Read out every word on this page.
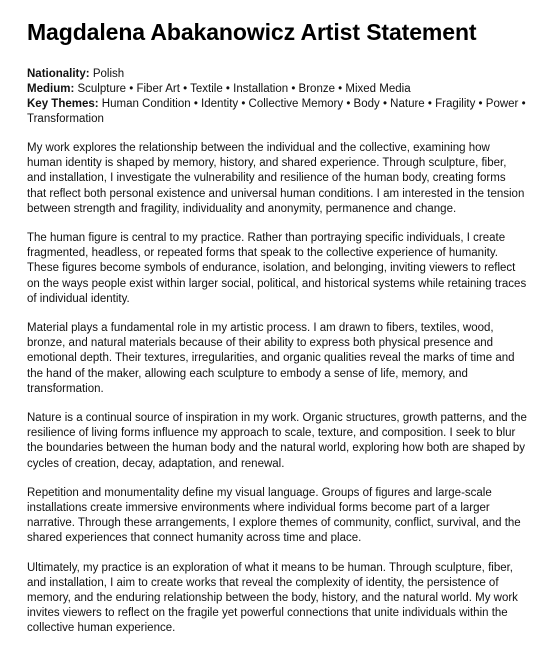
Magdalena Abakanowicz Artist Statement

Nationality: Polish

Medium: Sculpture • Fiber Art • Textile • Installation • Bronze • Mixed Media

Key Themes: Human Condition • Identity • Collective Memory • Body • Nature • Fragility • Power • Transformation

My work explores the relationship between the individual and the collective, examining how human identity is shaped by memory, history, and shared experience. Through sculpture, fiber, and installation, I investigate the vulnerability and resilience of the human body, creating forms that reflect both personal existence and universal human conditions. I am interested in the tension between strength and fragility, individuality and anonymity, permanence and change.

The human figure is central to my practice. Rather than portraying specific individuals, I create fragmented, headless, or repeated forms that speak to the collective experience of humanity. These figures become symbols of endurance, isolation, and belonging, inviting viewers to reflect on the ways people exist within larger social, political, and historical systems while retaining traces of individual identity.

Material plays a fundamental role in my artistic process. I am drawn to fibers, textiles, wood, bronze, and natural materials because of their ability to express both physical presence and emotional depth. Their textures, irregularities, and organic qualities reveal the marks of time and the hand of the maker, allowing each sculpture to embody a sense of life, memory, and transformation.

Nature is a continual source of inspiration in my work. Organic structures, growth patterns, and the resilience of living forms influence my approach to scale, texture, and composition. I seek to blur the boundaries between the human body and the natural world, exploring how both are shaped by cycles of creation, decay, adaptation, and renewal.

Repetition and monumentality define my visual language. Groups of figures and large-scale installations create immersive environments where individual forms become part of a larger narrative. Through these arrangements, I explore themes of community, conflict, survival, and the shared experiences that connect humanity across time and place.

Ultimately, my practice is an exploration of what it means to be human. Through sculpture, fiber, and installation, I aim to create works that reveal the complexity of identity, the persistence of memory, and the enduring relationship between the body, history, and the natural world. My work invites viewers to reflect on the fragile yet powerful connections that unite individuals within the collective human experience.
